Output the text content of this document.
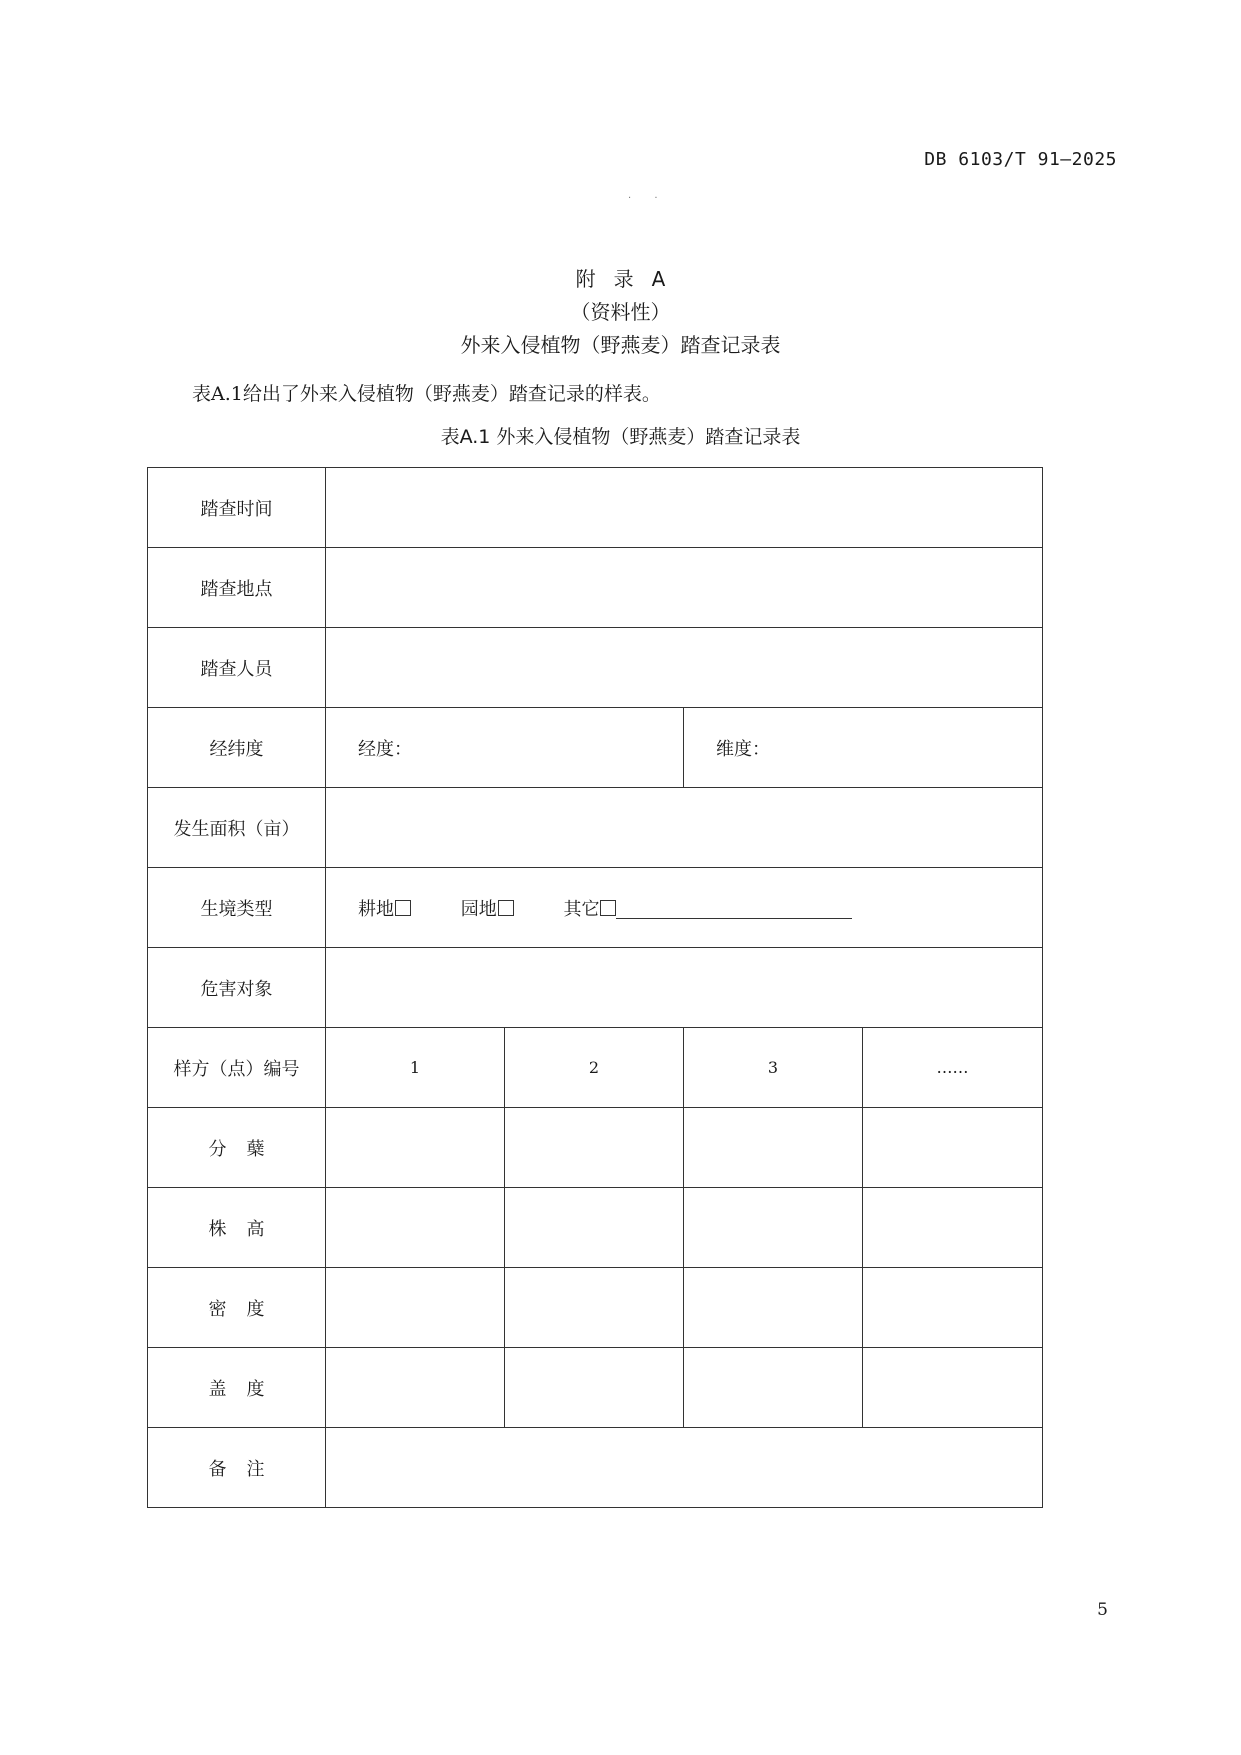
DB 6103/T 91—2025
· ·
附录A
（资料性）
外来入侵植物（野燕麦）踏查记录表
表A.1给出了外来入侵植物（野燕麦）踏查记录的样表。
表A.1 外来入侵植物（野燕麦）踏查记录表
踏查时间				
踏查地点				
踏查人员				
经纬度	经度：		维度：	
发生面积（亩）				
生境类型	耕地 园地 其它			
危害对象				
样方（点）编号	1	2	3	……
分蘖				
株高				
密度				
盖度				
备注				
5
